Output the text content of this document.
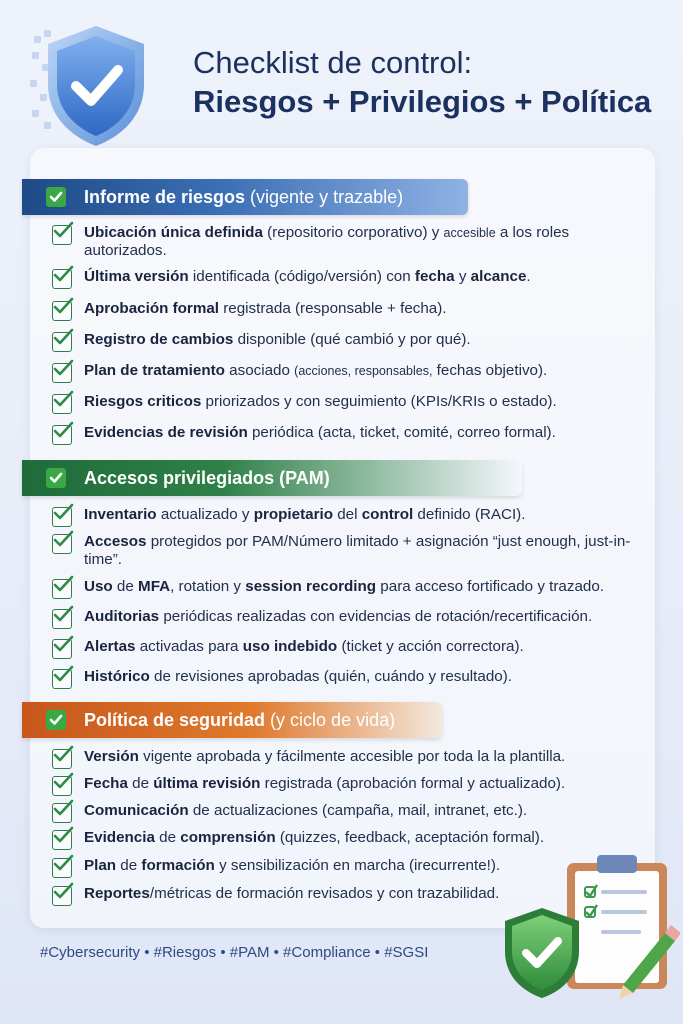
Checklist de control:
Riesgos + Privilegios + Política
Informe de riesgos (vigente y trazable)
Ubicación única definida (repositorio corporativo) y accesible a los roles autorizados.
Última versión identificada (código/versión) con fecha y alcance.
Aprobación formal registrada (responsable + fecha).
Registro de cambios disponible (qué cambió y por qué).
Plan de tratamiento asociado (acciones, responsables, fechas objetivo).
Riesgos criticos priorizados y con seguimiento (KPIs/KRIs o estado).
Evidencias de revisión periódica (acta, ticket, comité, correo formal).
Accesos privilegiados (PAM)
Inventario actualizado y propietario del control definido (RACI).
Accesos protegidos por PAM/Número limitado + asignación “just enough, just-in-time”.
Uso de MFA, rotation y session recording para acceso fortificado y trazado.
Auditorias periódicas realizadas con evidencias de rotación/recertificación.
Alertas activadas para uso indebido (ticket y acción correctora).
Histórico de revisiones aprobadas (quién, cuándo y resultado).
Política de seguridad (y ciclo de vida)
Versión vigente aprobada y fácilmente accesible por toda la la plantilla.
Fecha de última revisión registrada (aprobación formal y actualizado).
Comunicación de actualizaciones (campaña, mail, intranet, etc.).
Evidencia de comprensión (quizzes, feedback, aceptación formal).
Plan de formación y sensibilización en marcha (irecurrente!).
Reportes/métricas de formación revisados y con trazabilidad.
#Cybersecurity • #Riesgos • #PAM • #Compliance • #SGSI
